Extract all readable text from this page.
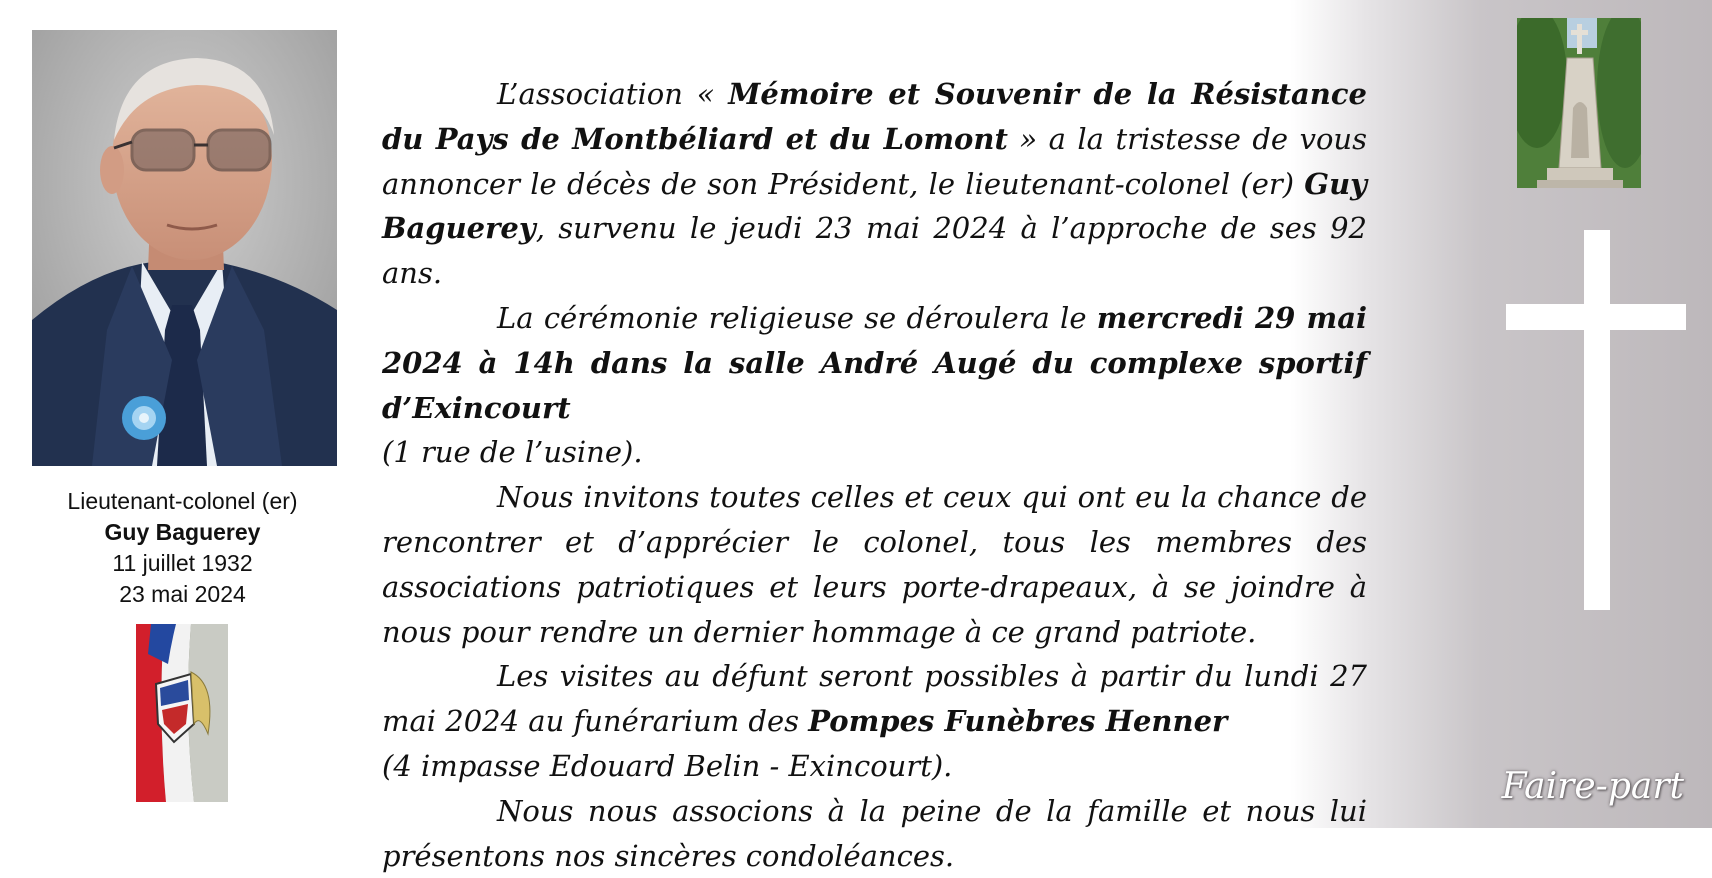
Lieutenant-colonel (er)
Guy Baguerey
11 juillet 1932
23 mai 2024
Faire-part

L’association « Mémoire et Souvenir de la Résistance du Pays de Montbéliard et du Lomont » a la tristesse de vous annoncer le décès de son Président, le lieutenant-colonel (er) Guy Baguerey, survenu le jeudi 23 mai 2024 à l’approche de ses 92 ans.

La cérémonie religieuse se déroulera le mercredi 29 mai 2024 à 14h dans la salle André Augé du complexe sportif d’Exincourt

(1 rue de l’usine).

Nous invitons toutes celles et ceux qui ont eu la chance de rencontrer et d’apprécier le colonel, tous les membres des associations patriotiques et leurs porte-drapeaux, à se joindre à nous pour rendre un dernier hommage à ce grand patriote.

Les visites au défunt seront possibles à partir du lundi 27 mai 2024 au funérarium des Pompes Funèbres Henner

(4 impasse Edouard Belin - Exincourt).

Nous nous associons à la peine de la famille et nous lui présentons nos sincères condoléances.
